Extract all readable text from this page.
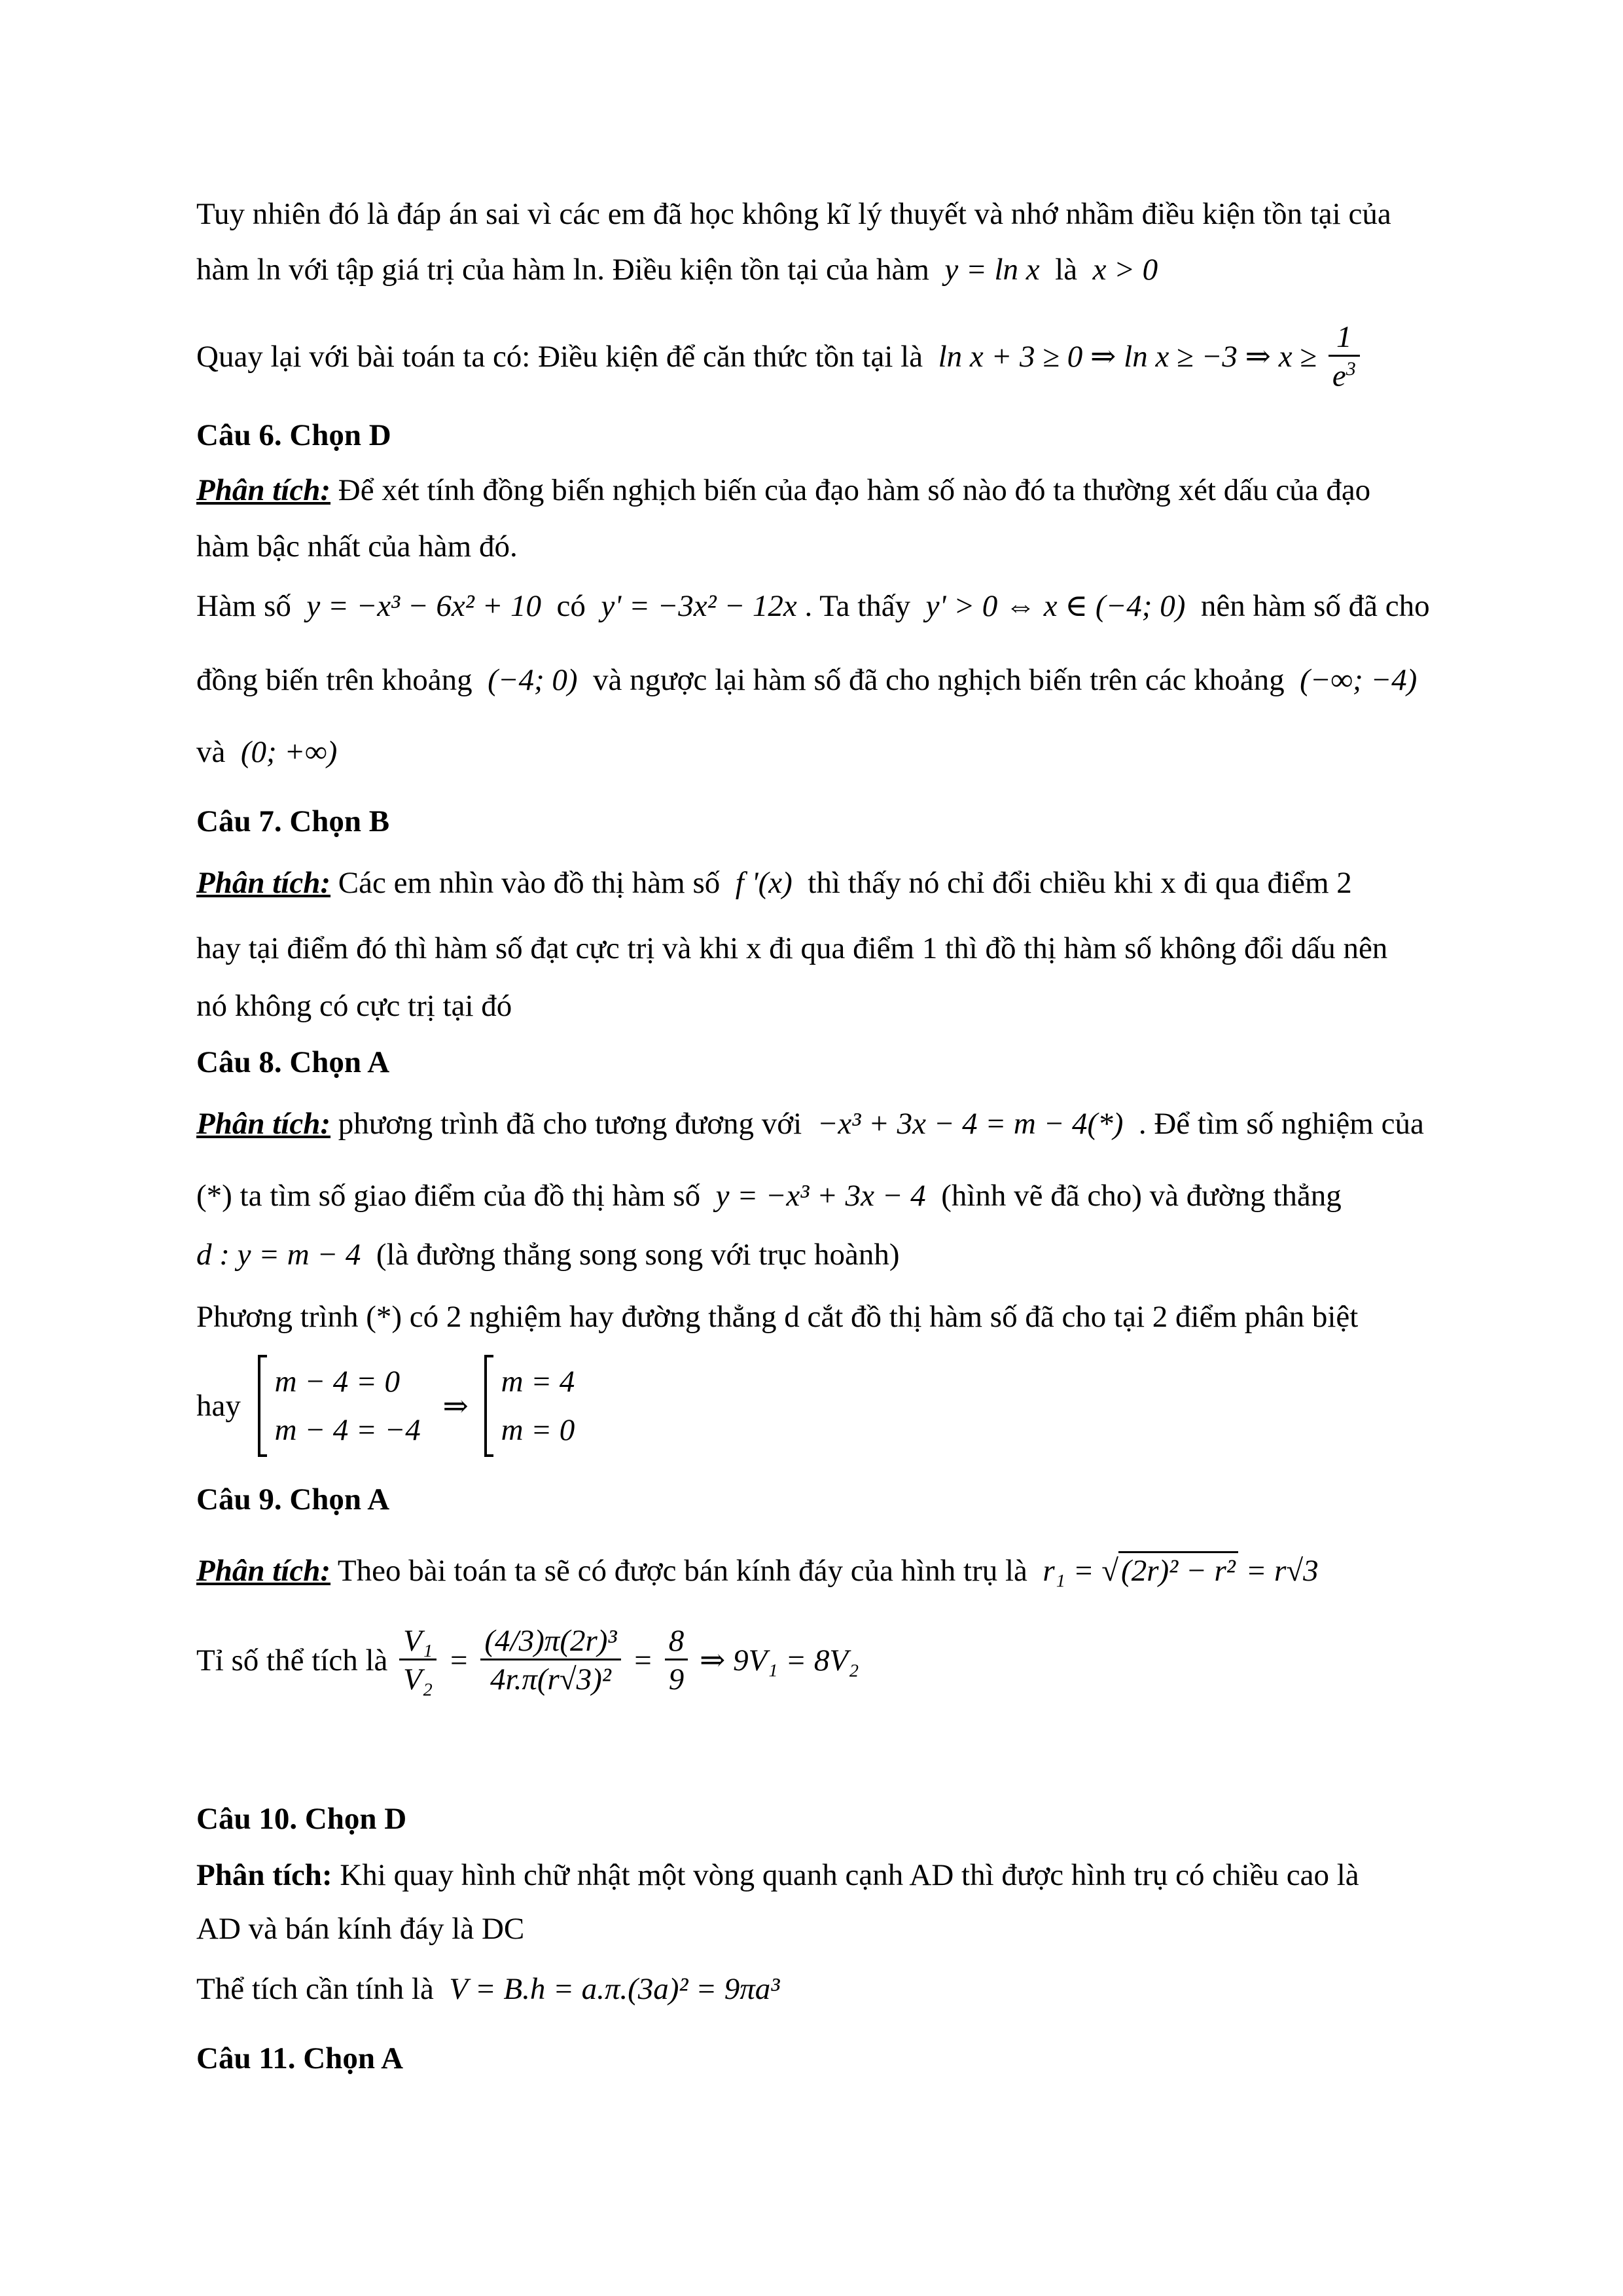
Tuy nhiên đó là đáp án sai vì các em đã học không kĩ lý thuyết và nhớ nhầm điều kiện tồn tại của
hàm ln với tập giá trị của hàm ln. Điều kiện tồn tại của hàm y = ln x là x > 0
Quay lại với bài toán ta có: Điều kiện để căn thức tồn tại là ln x + 3 ≥ 0 ⇒ ln x ≥ −3 ⇒ $x \ge \frac{1}{e^3}$
Câu 6. Chọn D
Phân tích: Để xét tính đồng biến nghịch biến của đạo hàm số nào đó ta thường xét dấu của đạo
hàm bậc nhất của hàm đó.
Hàm số y = −x³ − 6x² + 10 có y' = −3x² − 12x . Ta thấy y' > 0 ⇔ x ∈ (−4; 0) nên hàm số đã cho
đồng biến trên khoảng (−4; 0) và ngược lại hàm số đã cho nghịch biến trên các khoảng (−∞; −4)
và (0; +∞)
Câu 7. Chọn B
Phân tích: Các em nhìn vào đồ thị hàm số f '(x) thì thấy nó chỉ đổi chiều khi x đi qua điểm 2
hay tại điểm đó thì hàm số đạt cực trị và khi x đi qua điểm 1 thì đồ thị hàm số không đổi dấu nên
nó không có cực trị tại đó
Câu 8. Chọn A
Phân tích: phương trình đã cho tương đương với −x³ + 3x − 4 = m − 4(*) . Để tìm số nghiệm của
(*) ta tìm số giao điểm của đồ thị hàm số y = −x³ + 3x − 4 (hình vẽ đã cho) và đường thẳng
d : y = m − 4 (là đường thẳng song song với trục hoành)
Phương trình (*) có 2 nghiệm hay đường thẳng d cắt đồ thị hàm số đã cho tại 2 điểm phân biệt
hay
m − 4 = 0
m − 4 = −4
⇒
m = 4
m = 0
Câu 9. Chọn A
Phân tích: Theo bài toán ta sẽ có được bán kính đáy của hình trụ là r₁ = √(2r)² − r² = r√3
Tỉ số thể tích là $\frac{\text{V₁}}{\text{V₂}} = \frac{\text{(4/3)π(2r)³}}{\text{4r.π(r√3)²}} = \frac{8}{9}$ ⇒ 9V₁ = 8V₂
Câu 10. Chọn D
Phân tích: Khi quay hình chữ nhật một vòng quanh cạnh AD thì được hình trụ có chiều cao là
AD và bán kính đáy là DC
Thể tích cần tính là V = B.h = a.π.(3a)² = 9πa³
Câu 11. Chọn A
